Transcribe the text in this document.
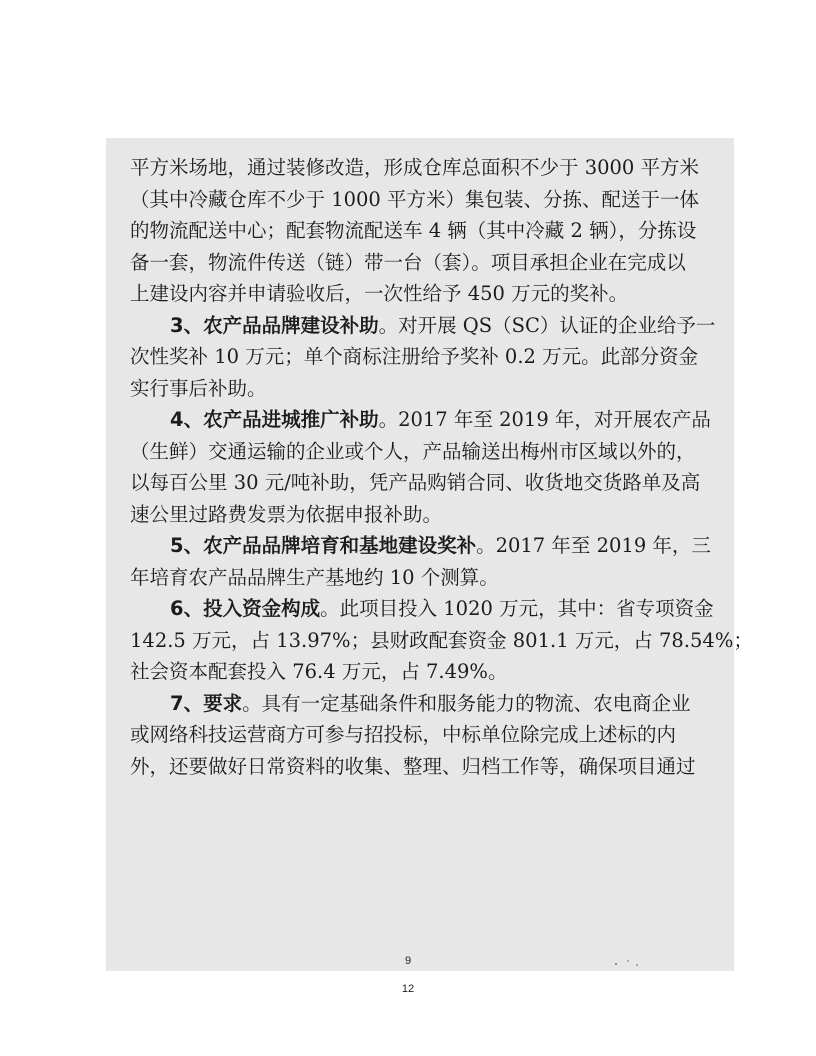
平方米场地，通过装修改造，形成仓库总面积不少于 3000 平方米
（其中冷藏仓库不少于 1000 平方米）集包装、分拣、配送于一体
的物流配送中心；配套物流配送车 4 辆（其中冷藏 2 辆），分拣设
备一套，物流件传送（链）带一台（套）。项目承担企业在完成以
上建设内容并申请验收后，一次性给予 450 万元的奖补。
3、农产品品牌建设补助。对开展 QS（SC）认证的企业给予一
次性奖补 10 万元；单个商标注册给予奖补 0.2 万元。此部分资金
实行事后补助。
4、农产品进城推广补助。2017 年至 2019 年，对开展农产品
（生鲜）交通运输的企业或个人，产品输送出梅州市区域以外的，
以每百公里 30 元/吨补助，凭产品购销合同、收货地交货路单及高
速公里过路费发票为依据申报补助。
5、农产品品牌培育和基地建设奖补。2017 年至 2019 年，三
年培育农产品品牌生产基地约 10 个测算。
6、投入资金构成。此项目投入 1020 万元，其中：省专项资金
142.5 万元，占 13.97%；县财政配套资金 801.1 万元，占 78.54%；
社会资本配套投入 76.4 万元，占 7.49%。
7、要求。具有一定基础条件和服务能力的物流、农电商企业
或网络科技运营商方可参与招投标，中标单位除完成上述标的内
外，还要做好日常资料的收集、整理、归档工作等，确保项目通过
9
12
